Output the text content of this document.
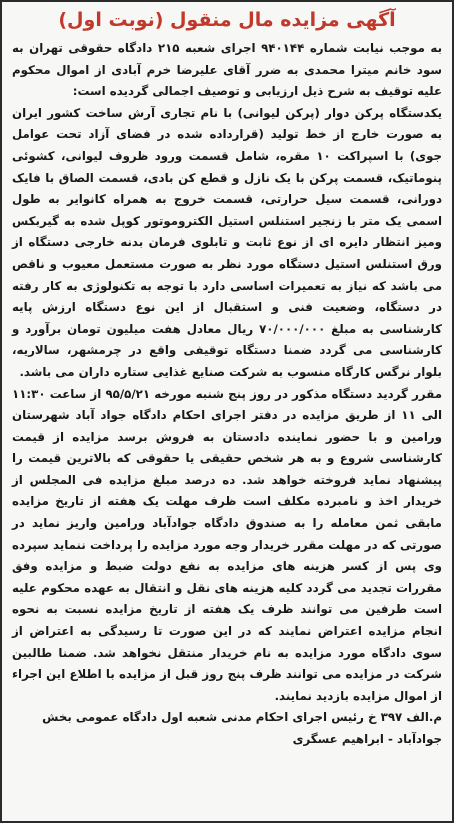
آگهی مزایده مال منقول (نوبت اول)

به موجب نیابت شماره ۹۴۰۱۴۴ اجرای شعبه ۲۱۵ دادگاه حقوقی تهران به سود خانم میترا محمدی به ضرر آقای علیرضا خرم آبادی از اموال محکوم علیه توقیف به شرح ذیل ارزیابی و توصیف اجمالی گردیده است:

یکدستگاه پرکن دوار (پرکن لیوانی) با نام تجاری آرش ساخت کشور ایران به صورت خارج از خط تولید (قرارداده شده در فضای آزاد تحت عوامل جوی) با اسپراکت ۱۰ مقره، شامل قسمت ورود ظروف لیوانی، کشوئی پنوماتیک، قسمت پرکن با یک نازل و قطع کن بادی، قسمت الصاق با فایک دورانی، قسمت سیل حرارتی، قسمت خروج به همراه کانوایر به طول اسمی یک متر با زنجیر استنلس استیل الکتروموتور کوپل شده به گیربکس ومیز انتظار دایره ای از نوع ثابت و تابلوی فرمان بدنه خارجی دستگاه از ورق استنلس استیل دستگاه مورد نظر به صورت مستعمل معیوب و ناقص می باشد که نیاز به تعمیرات اساسی دارد با توجه به تکنولوژی به کار رفته در دستگاه، وضعیت فنی و استقبال از این نوع دستگاه ارزش پایه کارشناسی به مبلغ ۷۰/۰۰۰/۰۰۰ ریال معادل هفت میلیون تومان برآورد و کارشناسی می گردد ضمنا دستگاه توقیفی واقع در چرمشهر، سالاریه، بلوار نرگس کارگاه منسوب به شرکت صنایع غذایی ستاره داران می باشد.

مقرر گردید دستگاه مذکور در روز پنج شنبه مورخه ۹۵/۵/۲۱ از ساعت ۱۱:۳۰ الی ۱۱ از طریق مزایده در دفتر اجرای احکام دادگاه جواد آباد شهرستان ورامین و با حضور نماینده دادستان به فروش برسد مزایده از قیمت کارشناسی شروع و به هر شخص حقیقی یا حقوقی که بالاترین قیمت را پیشنهاد نماید فروخته خواهد شد. ده درصد مبلغ مزایده فی المجلس از خریدار اخذ و نامبرده مکلف است ظرف مهلت یک هفته از تاریخ مزایده مابقی ثمن معامله را به صندوق دادگاه جوادآباد ورامین واریز نماید در صورتی که در مهلت مقرر خریدار وجه مورد مزایده را پرداخت ننماید سپرده وی پس از کسر هزینه های مزایده به نفع دولت ضبط و مزایده وفق مقررات تجدید می گردد کلیه هزینه های نقل و انتقال به عهده محکوم علیه است طرفین می توانند ظرف یک هفته از تاریخ مزایده نسبت به نحوه انجام مزایده اعتراض نمایند که در این صورت تا رسیدگی به اعتراض از سوی دادگاه مورد مزایده به نام خریدار منتقل نخواهد شد. ضمنا طالبین شرکت در مزایده می توانند ظرف پنج روز قبل از مزایده با اطلاع این اجراء از اموال مزایده بازدید نمایند.

م.الف ۳۹۷ خ رئیس اجرای احکام مدنی شعبه اول دادگاه عمومی بخش

جوادآباد - ابراهیم عسگری
